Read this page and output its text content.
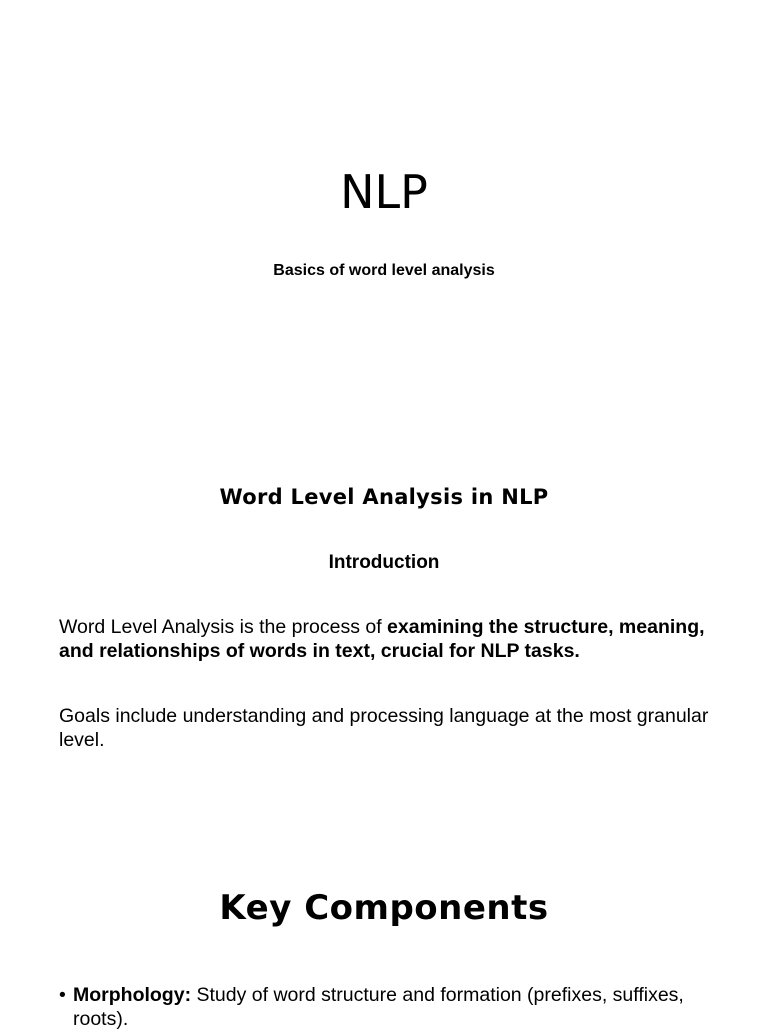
NLP
Basics of word level analysis
Word Level Analysis in NLP
Introduction
Word Level Analysis is the process of examining the structure, meaning, and relationships of words in text, crucial for NLP tasks.
Goals include understanding and processing language at the most granular level.
Key Components
• Morphology: Study of word structure and formation (prefixes, suffixes, roots).
